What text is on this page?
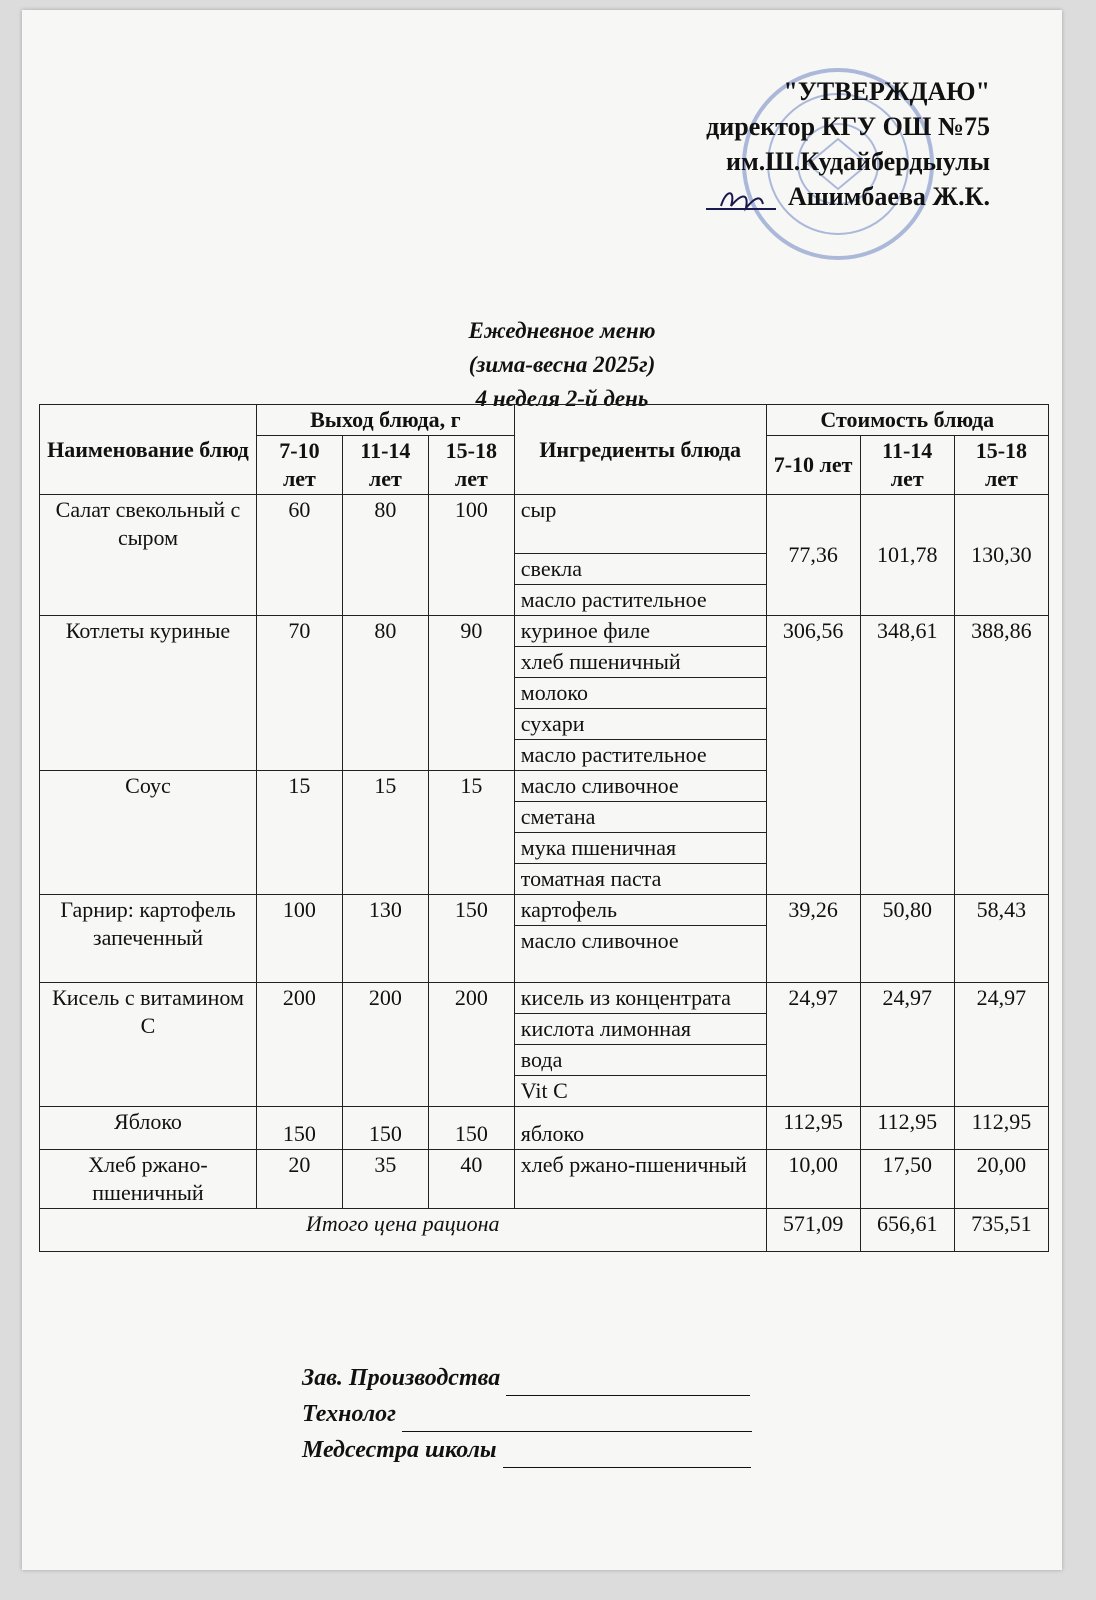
"УТВЕРЖДАЮ"
директор КГУ ОШ №75
им.Ш.Кудайбердыулы
Ашимбаева Ж.К.
Ежедневное меню
(зима-весна 2025г)
4 неделя 2-й день
Наименование блюд	Выход блюда, г			Ингредиенты блюда	Стоимость блюда		
	7-10 лет	11-14 лет	15-18 лет		7-10 лет	11-14 лет	15-18 лет
Салат свекольный с сыром	60	80	100	сыр	77,36	101,78	130,30
				свекла			
				масло растительное			
Котлеты куриные	70	80	90	куриное филе	306,56	348,61	388,86
				хлеб пшеничный			
				молоко			
				сухари			
				масло растительное			
Соус	15	15	15	масло сливочное			
				сметана			
				мука пшеничная			
				томатная паста			
Гарнир: картофель запеченный	100	130	150	картофель	39,26	50,80	58,43
				масло сливочное			
Кисель с витамином С	200	200	200	кисель из концентрата	24,97	24,97	24,97
				кислота лимонная			
				вода			
				Vit C			
Яблоко	150	150	150	яблоко	112,95	112,95	112,95
Хлеб ржано-пшеничный	20	35	40	хлеб ржано-пшеничный	10,00	17,50	20,00
Итого цена рациона					571,09	656,61	735,51
Зав. Производства
Технолог
Медсестра школы
